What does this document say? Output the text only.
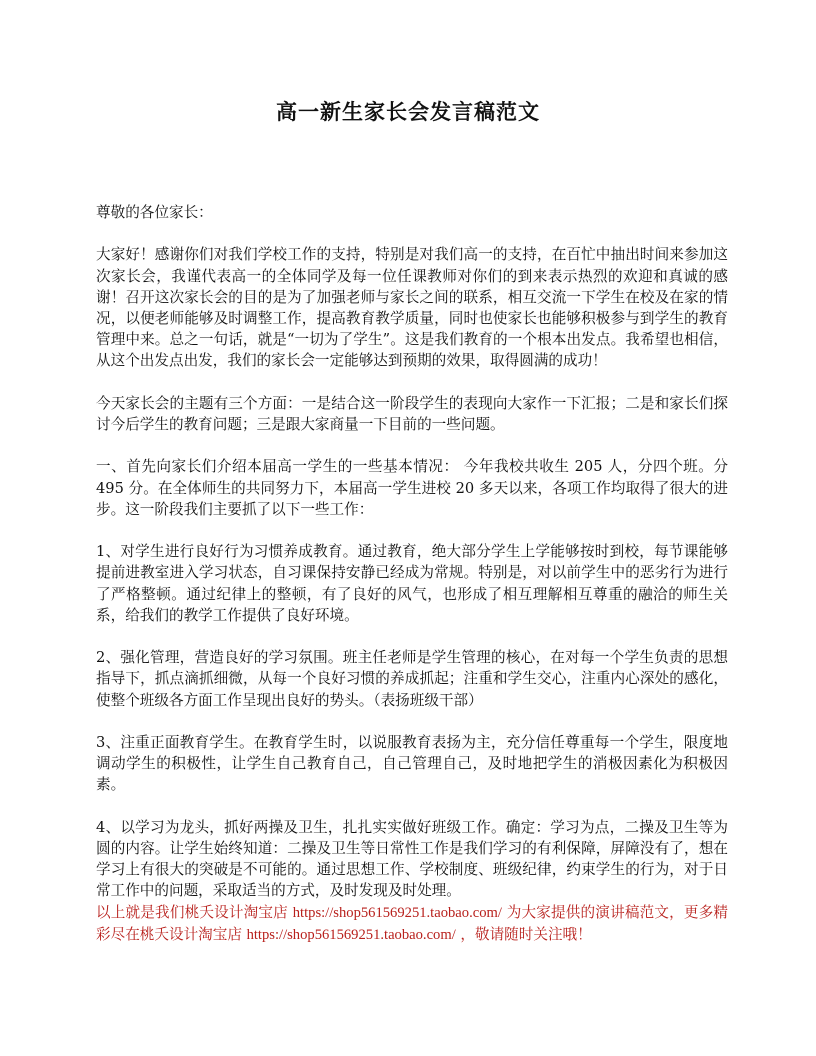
高一新生家长会发言稿范文

尊敬的各位家长：

大家好！感谢你们对我们学校工作的支持，特别是对我们高一的支持，在百忙中抽出时间来参加这次家长会，我谨代表高一的全体同学及每一位任课教师对你们的到来表示热烈的欢迎和真诚的感谢！召开这次家长会的目的是为了加强老师与家长之间的联系，相互交流一下学生在校及在家的情况，以便老师能够及时调整工作，提高教育教学质量，同时也使家长也能够积极参与到学生的教育管理中来。总之一句话，就是“一切为了学生”。这是我们教育的一个根本出发点。我希望也相信，从这个出发点出发，我们的家长会一定能够达到预期的效果，取得圆满的成功！

今天家长会的主题有三个方面：一是结合这一阶段学生的表现向大家作一下汇报；二是和家长们探讨今后学生的教育问题；三是跟大家商量一下目前的一些问题。

一、首先向家长们介绍本届高一学生的一些基本情况： 今年我校共收生 205 人，分四个班。分 495 分。在全体师生的共同努力下，本届高一学生进校 20 多天以来，各项工作均取得了很大的进步。这一阶段我们主要抓了以下一些工作：

1、对学生进行良好行为习惯养成教育。通过教育，绝大部分学生上学能够按时到校，每节课能够提前进教室进入学习状态，自习课保持安静已经成为常规。特别是，对以前学生中的恶劣行为进行了严格整顿。通过纪律上的整顿，有了良好的风气，也形成了相互理解相互尊重的融洽的师生关系，给我们的教学工作提供了良好环境。

2、强化管理，营造良好的学习氛围。班主任老师是学生管理的核心，在对每一个学生负责的思想指导下，抓点滴抓细微，从每一个良好习惯的养成抓起；注重和学生交心，注重内心深处的感化，使整个班级各方面工作呈现出良好的势头。（表扬班级干部）

3、注重正面教育学生。在教育学生时，以说服教育表扬为主，充分信任尊重每一个学生，限度地调动学生的积极性，让学生自己教育自己，自己管理自己，及时地把学生的消极因素化为积极因素。

4、以学习为龙头，抓好两操及卫生，扎扎实实做好班级工作。确定：学习为点，二操及卫生等为圆的内容。让学生始终知道：二操及卫生等日常性工作是我们学习的有利保障，屏障没有了，想在学习上有很大的突破是不可能的。通过思想工作、学校制度、班级纪律，约束学生的行为，对于日常工作中的问题，采取适当的方式，及时发现及时处理。

以上就是我们桃夭设计淘宝店 https://shop561569251.taobao.com/ 为大家提供的演讲稿范文，更多精彩尽在桃夭设计淘宝店 https://shop561569251.taobao.com/ ，敬请随时关注哦！
